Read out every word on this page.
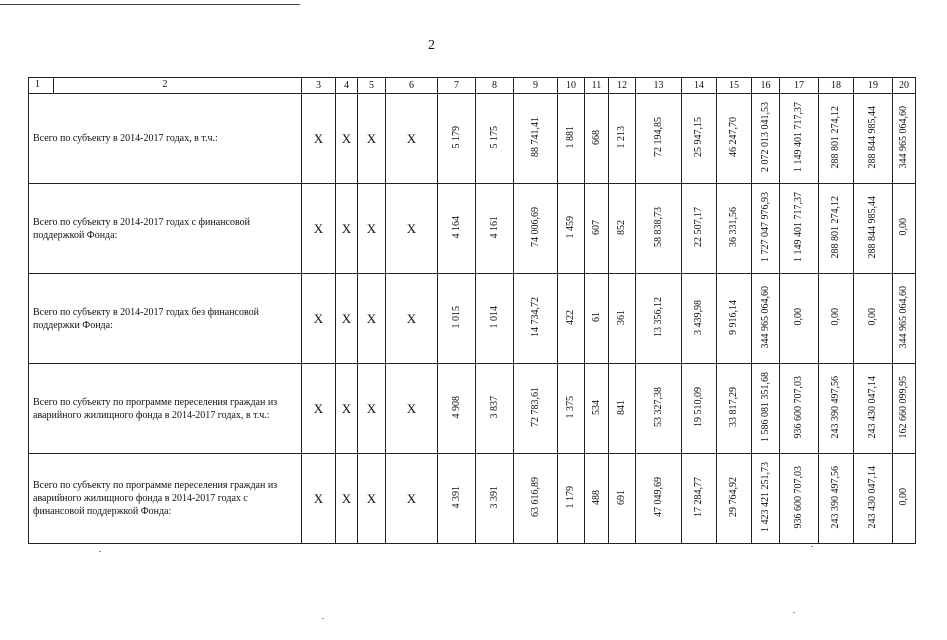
2
1 2	3	4	5	6	7	8	9	10	11	12	13	14	15	16	17	18	19	20
Всего по субъекту в 2014-2017 годах, в т.ч.:	X	X	X	X	5 179	5 175	88 741,41	1 881	668	1 213	72 194,85	25 947,15	46 247,70	2 072 013 041,53	1 149 401 717,37	288 801 274,12	288 844 985,44	344 965 064,60
Всего по субъекту в 2014-2017 годах с финансовой поддержкой Фонда:	X	X	X	X	4 164	4 161	74 006,69	1 459	607	852	58 838,73	22 507,17	36 331,56	1 727 047 976,93	1 149 401 717,37	288 801 274,12	288 844 985,44	0,00
Всего по субъекту в 2014-2017 годах без финансовой поддержки Фонда:	X	X	X	X	1 015	1 014	14 734,72	422	61	361	13 356,12	3 439,98	9 916,14	344 965 064,60	0,00	0,00	0,00	344 965 064,60
Всего по субъекту по программе переселения граждан из аварийного жилищного фонда в 2014-2017 годах, в т.ч.:	X	X	X	X	4 908	3 837	72 783,61	1 375	534	841	53 327,38	19 510,09	33 817,29	1 586 081 351,68	936 600 707,03	243 390 497,56	243 430 047,14	162 660 099,95
Всего по субъекту по программе переселения граждан из аварийного жилищного фонда в 2014-2017 годах с финансовой поддержкой Фонда:	X	X	X	X	4 391	3 391	63 616,89	1 179	488	691	47 049,69	17 284,77	29 764,92	1 423 421 251,73	936 600 707,03	243 390 497,56	243 430 047,14	0,00
